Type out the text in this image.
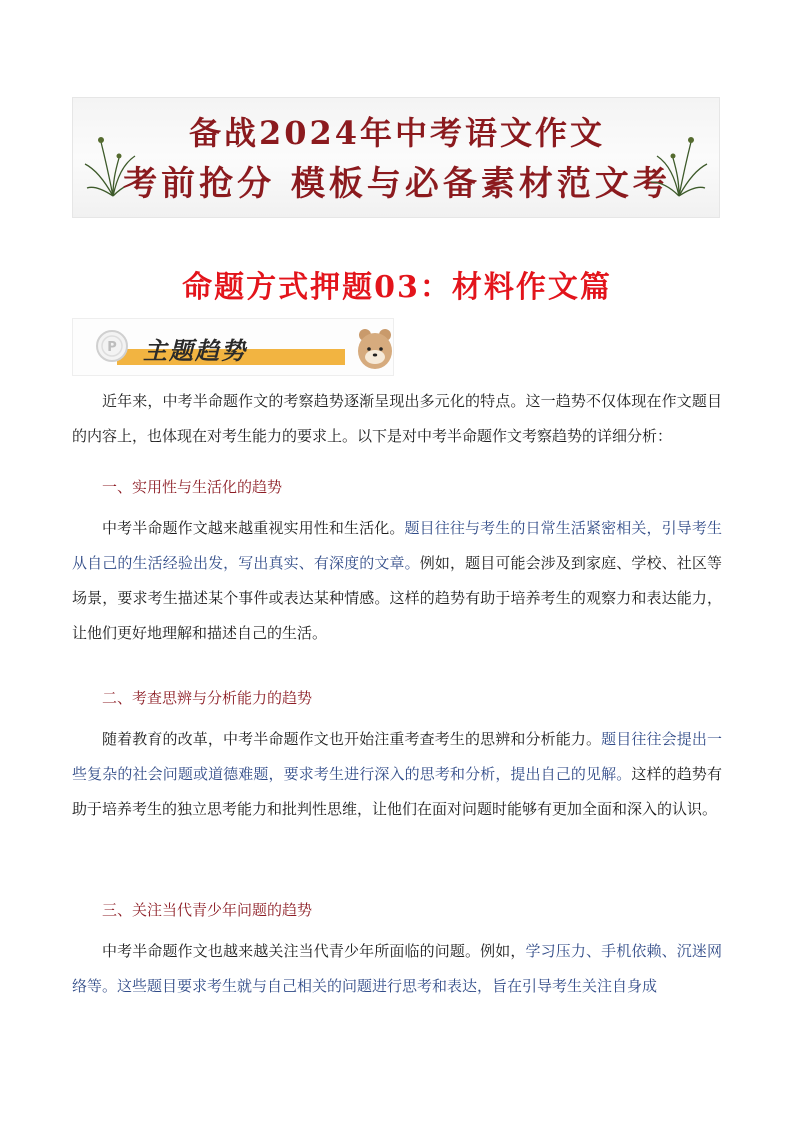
备战2024年中考语文作文
考前抢分 模板与必备素材范文考
命题方式押题03：材料作文篇
P 主题趋势

近年来，中考半命题作文的考察趋势逐渐呈现出多元化的特点。这一趋势不仅体现在作文题目的内容上，也体现在对考生能力的要求上。以下是对中考半命题作文考察趋势的详细分析：

一、实用性与生活化的趋势

中考半命题作文越来越重视实用性和生活化。题目往往与考生的日常生活紧密相关，引导考生从自己的生活经验出发，写出真实、有深度的文章。例如，题目可能会涉及到家庭、学校、社区等场景，要求考生描述某个事件或表达某种情感。这样的趋势有助于培养考生的观察力和表达能力，让他们更好地理解和描述自己的生活。

二、考查思辨与分析能力的趋势

随着教育的改革，中考半命题作文也开始注重考查考生的思辨和分析能力。题目往往会提出一些复杂的社会问题或道德难题，要求考生进行深入的思考和分析，提出自己的见解。这样的趋势有助于培养考生的独立思考能力和批判性思维，让他们在面对问题时能够有更加全面和深入的认识。

三、关注当代青少年问题的趋势

中考半命题作文也越来越关注当代青少年所面临的问题。例如，学习压力、手机依赖、沉迷网络等。这些题目要求考生就与自己相关的问题进行思考和表达，旨在引导考生关注自身成
